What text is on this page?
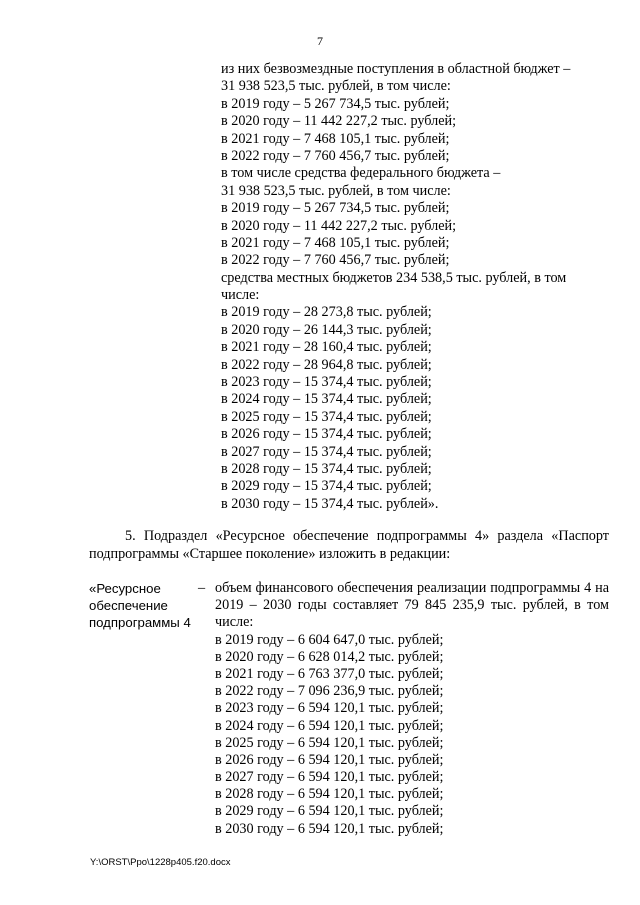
7
из них безвозмездные поступления в областной бюджет –
31 938 523,5 тыс. рублей, в том числе:
в 2019 году – 5 267 734,5 тыс. рублей;
в 2020 году – 11 442 227,2 тыс. рублей;
в 2021 году – 7 468 105,1 тыс. рублей;
в 2022 году – 7 760 456,7 тыс. рублей;
в том числе средства федерального бюджета –
31 938 523,5 тыс. рублей, в том числе:
в 2019 году – 5 267 734,5 тыс. рублей;
в 2020 году – 11 442 227,2 тыс. рублей;
в 2021 году – 7 468 105,1 тыс. рублей;
в 2022 году – 7 760 456,7 тыс. рублей;
средства местных бюджетов 234 538,5 тыс. рублей, в том
числе:
в 2019 году – 28 273,8 тыс. рублей;
в 2020 году – 26 144,3 тыс. рублей;
в 2021 году – 28 160,4 тыс. рублей;
в 2022 году – 28 964,8 тыс. рублей;
в 2023 году – 15 374,4 тыс. рублей;
в 2024 году – 15 374,4 тыс. рублей;
в 2025 году – 15 374,4 тыс. рублей;
в 2026 году – 15 374,4 тыс. рублей;
в 2027 году – 15 374,4 тыс. рублей;
в 2028 году – 15 374,4 тыс. рублей;
в 2029 году – 15 374,4 тыс. рублей;
в 2030 году – 15 374,4 тыс. рублей».
5. Подраздел «Ресурсное обеспечение подпрограммы 4» раздела «Паспорт подпрограммы «Старшее поколение» изложить в редакции:
«Ресурсное
обеспечение
подпрограммы 4
– объем финансового обеспечения реализации подпрограммы 4 на 2019 – 2030 годы составляет 79 845 235,9 тыс. рублей, в том числе:
в 2019 году – 6 604 647,0 тыс. рублей;
в 2020 году – 6 628 014,2 тыс. рублей;
в 2021 году – 6 763 377,0 тыс. рублей;
в 2022 году – 7 096 236,9 тыс. рублей;
в 2023 году – 6 594 120,1 тыс. рублей;
в 2024 году – 6 594 120,1 тыс. рублей;
в 2025 году – 6 594 120,1 тыс. рублей;
в 2026 году – 6 594 120,1 тыс. рублей;
в 2027 году – 6 594 120,1 тыс. рублей;
в 2028 году – 6 594 120,1 тыс. рублей;
в 2029 году – 6 594 120,1 тыс. рублей;
в 2030 году – 6 594 120,1 тыс. рублей;
Y:\ORST\Ppo\1228p405.f20.docx
